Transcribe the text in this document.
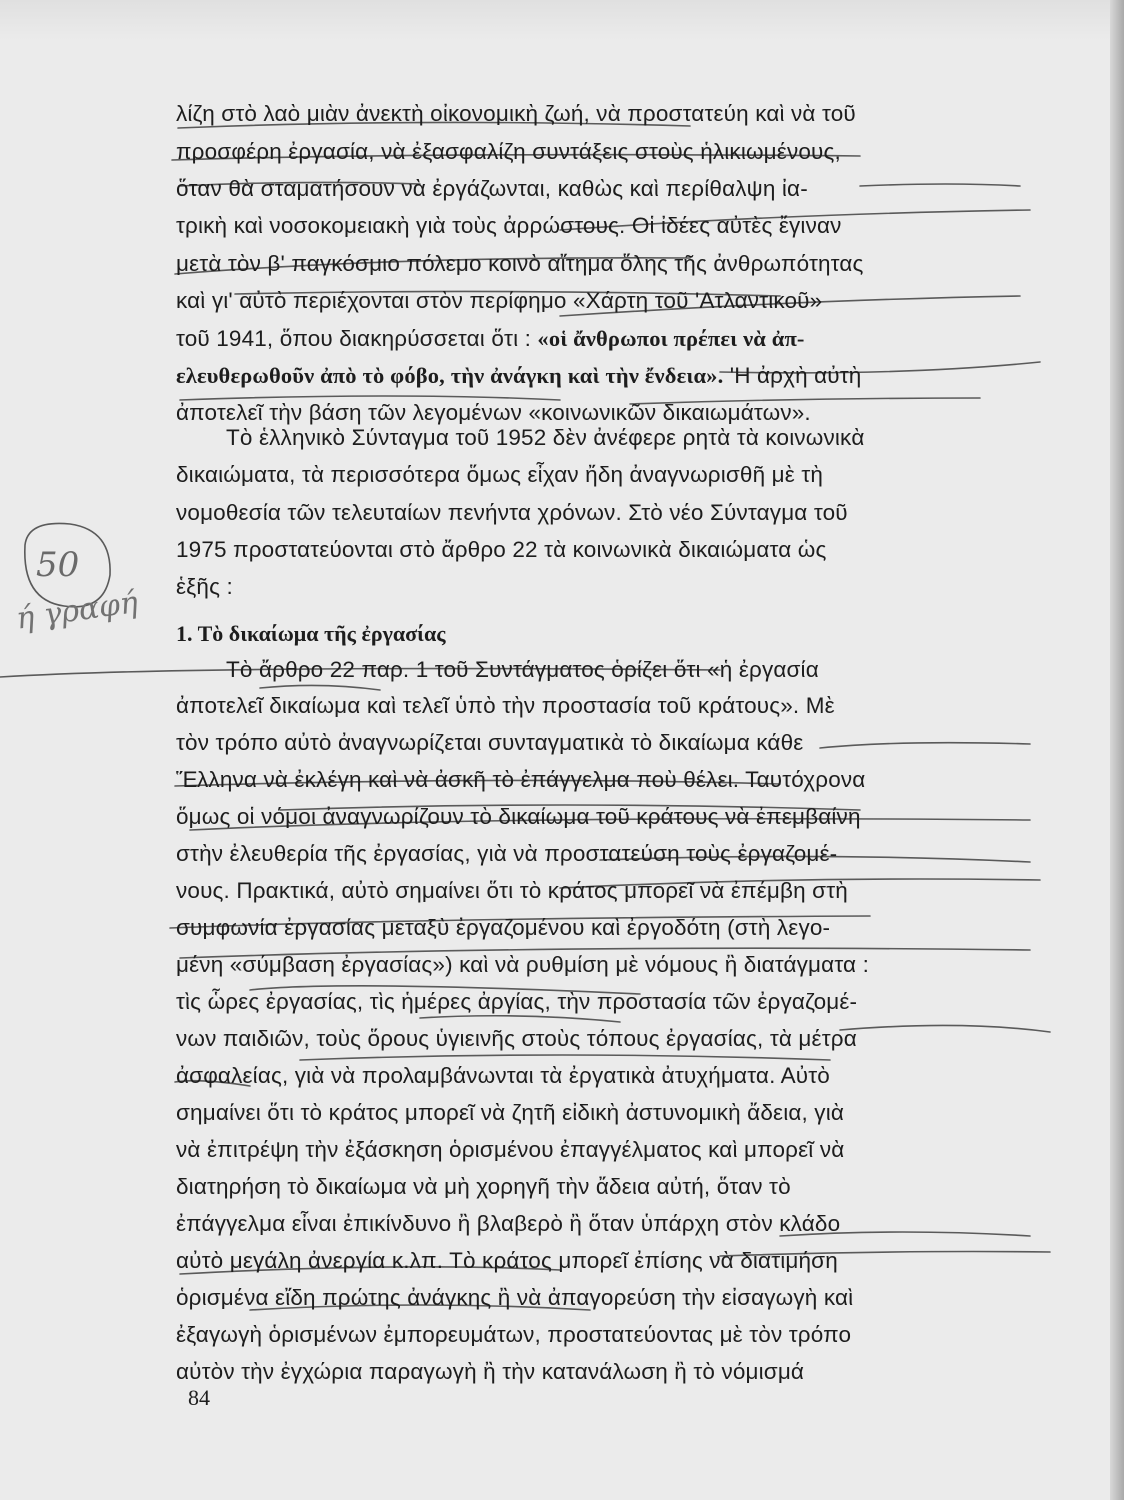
λίζη στὸ λαὸ μιὰν ἀνεκτὴ οἰκονομικὴ ζωή, νὰ προστατεύη καὶ νὰ τοῦ
προσφέρη ἐργασία, νὰ ἐξασφαλίζη συντάξεις στοὺς ἡλικιωμένους,
ὅταν θὰ σταματήσουν νὰ ἐργάζωνται, καθὼς καὶ περίθαλψη ἰα-
τρικὴ καὶ νοσοκομειακὴ γιὰ τοὺς ἀρρώστους. Οἱ ἰδέες αὐτὲς ἔγιναν
μετὰ τὸν β' παγκόσμιο πόλεμο κοινὸ αἴτημα ὅλης τῆς ἀνθρωπότητας
καὶ γι' αὐτὸ περιέχονται στὸν περίφημο «Χάρτη τοῦ 'Ατλαντικοῦ»
τοῦ 1941, ὅπου διακηρύσσεται ὅτι : «οἱ ἄνθρωποι πρέπει νὰ ἀπ-
ελευθερωθοῦν ἀπὸ τὸ φόβο, τὴν ἀνάγκη καὶ τὴν ἔνδεια». 'Η ἀρχὴ αὐτὴ
ἀποτελεῖ τὴν βάση τῶν λεγομένων «κοινωνικῶν δικαιωμάτων».
Τὸ ἑλληνικὸ Σύνταγμα τοῦ 1952 δὲν ἀνέφερε ρητὰ τὰ κοινωνικὰ
δικαιώματα, τὰ περισσότερα ὅμως εἶχαν ἤδη ἀναγνωρισθῆ μὲ τὴ
νομοθεσία τῶν τελευταίων πενήντα χρόνων. Στὸ νέο Σύνταγμα τοῦ
1975 προστατεύονται στὸ ἄρθρο 22 τὰ κοινωνικὰ δικαιώματα ὡς
ἑξῆς :
1. Τὸ δικαίωμα τῆς ἐργασίας
Τὸ ἄρθρο 22 παρ. 1 τοῦ Συντάγματος ὁρίζει ὅτι «ἡ ἐργασία
ἀποτελεῖ δικαίωμα καὶ τελεῖ ὑπὸ τὴν προστασία τοῦ κράτους». Μὲ
τὸν τρόπο αὐτὸ ἀναγνωρίζεται συνταγματικὰ τὸ δικαίωμα κάθε
Ἕλληνα νὰ ἐκλέγη καὶ νὰ ἀσκῆ τὸ ἐπάγγελμα ποὺ θέλει. Ταυτόχρονα
ὅμως οἱ νόμοι ἀναγνωρίζουν τὸ δικαίωμα τοῦ κράτους νὰ ἐπεμβαίνη
στὴν ἐλευθερία τῆς ἐργασίας, γιὰ νὰ προστατεύση τοὺς ἐργαζομέ-
νους. Πρακτικά, αὐτὸ σημαίνει ὅτι τὸ κράτος μπορεῖ νὰ ἐπέμβη στὴ
συμφωνία ἐργασίας μεταξὺ ἐργαζομένου καὶ ἐργοδότη (στὴ λεγο-
μένη «σύμβαση ἐργασίας») καὶ νὰ ρυθμίση μὲ νόμους ἢ διατάγματα :
τὶς ὧρες ἐργασίας, τὶς ἡμέρες ἀργίας, τὴν προστασία τῶν ἐργαζομέ-
νων παιδιῶν, τοὺς ὅρους ὑγιεινῆς στοὺς τόπους ἐργασίας, τὰ μέτρα
ἀσφαλείας, γιὰ νὰ προλαμβάνωνται τὰ ἐργατικὰ ἀτυχήματα. Αὐτὸ
σημαίνει ὅτι τὸ κράτος μπορεῖ νὰ ζητῆ εἰδικὴ ἀστυνομικὴ ἄδεια, γιὰ
νὰ ἐπιτρέψη τὴν ἐξάσκηση ὁρισμένου ἐπαγγέλματος καὶ μπορεῖ νὰ
διατηρήση τὸ δικαίωμα νὰ μὴ χορηγῆ τὴν ἄδεια αὐτή, ὅταν τὸ
ἐπάγγελμα εἶναι ἐπικίνδυνο ἢ βλαβερὸ ἢ ὅταν ὑπάρχη στὸν κλάδο
αὐτὸ μεγάλη ἀνεργία κ.λπ. Τὸ κράτος μπορεῖ ἐπίσης νὰ διατιμήση
ὁρισμένα εἴδη πρώτης ἀνάγκης ἢ νὰ ἀπαγορεύση τὴν εἰσαγωγὴ καὶ
ἐξαγωγὴ ὁρισμένων ἐμπορευμάτων, προστατεύοντας μὲ τὸν τρόπο
αὐτὸν τὴν ἐγχώρια παραγωγὴ ἢ τὴν κατανάλωση ἢ τὸ νόμισμά
50
ή γραφή
84
